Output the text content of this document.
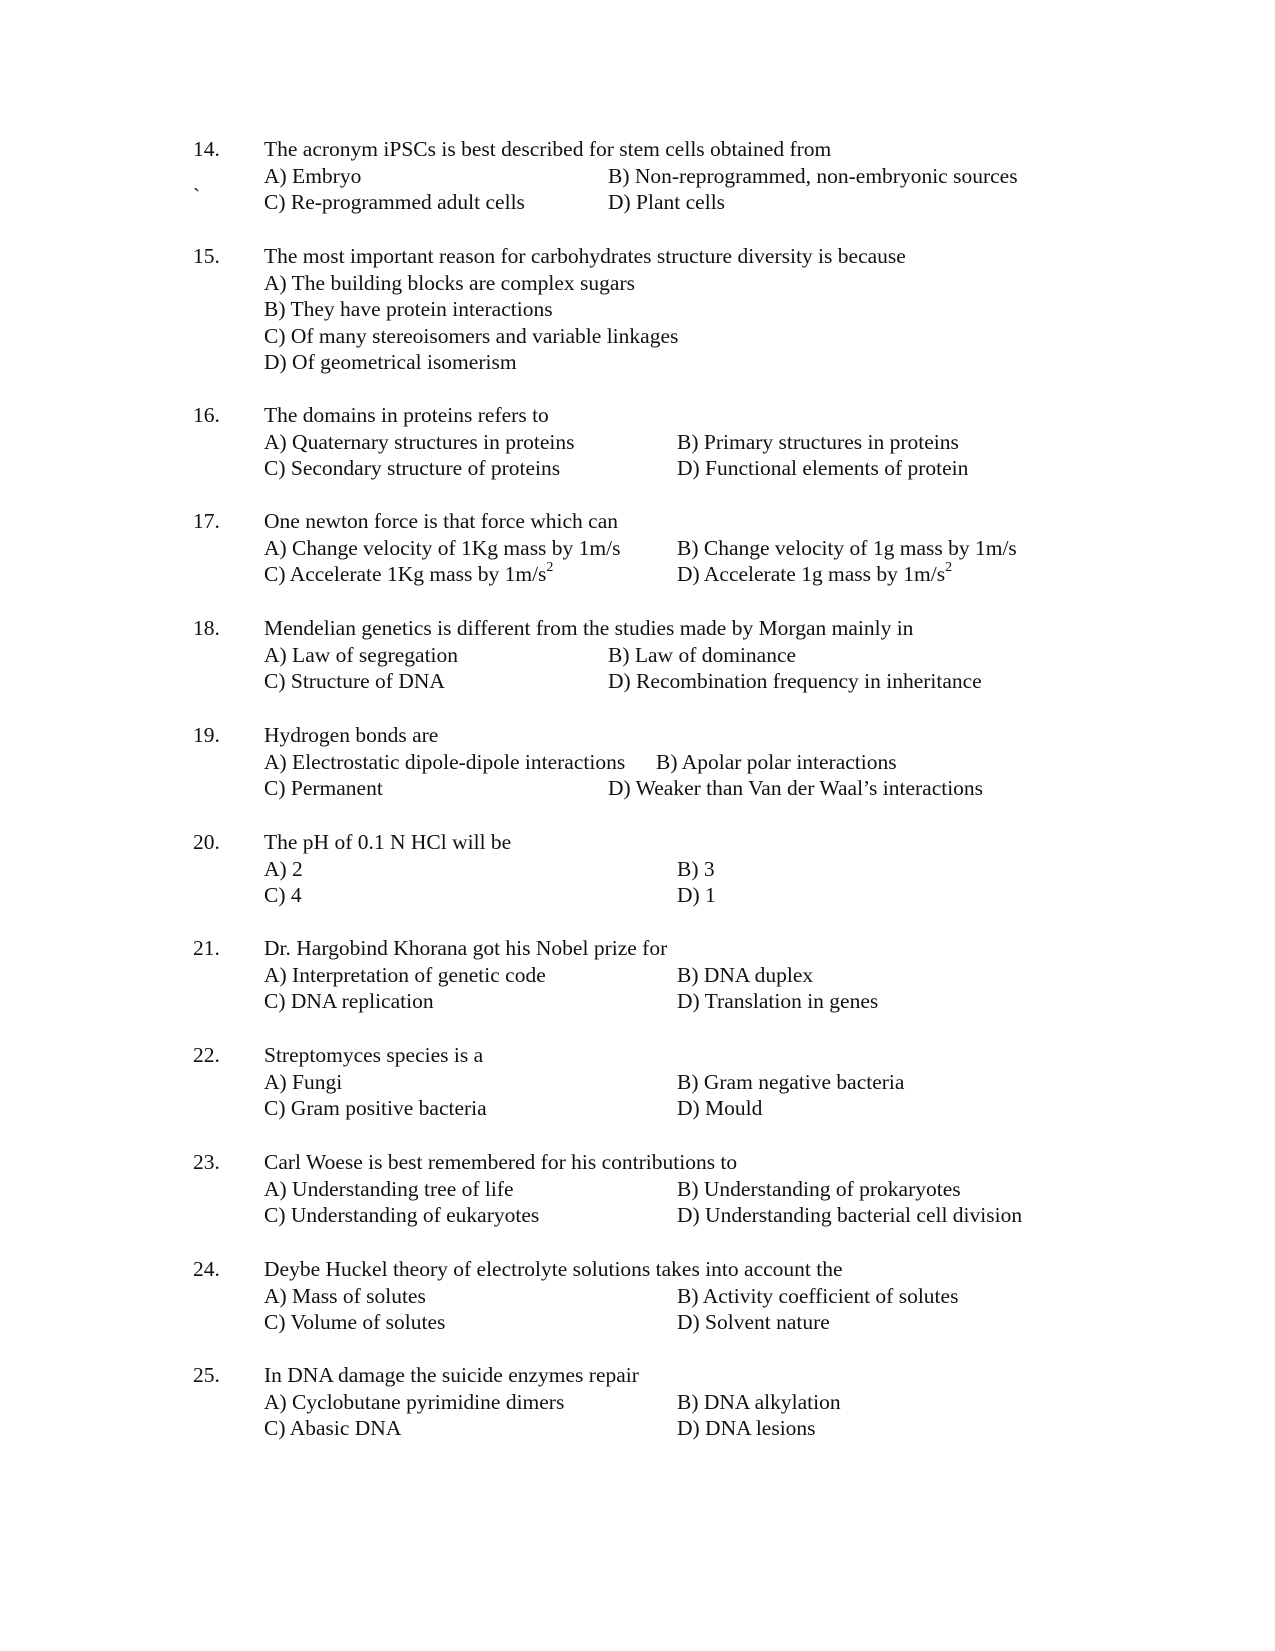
14. The acronym iPSCs is best described for stem cells obtained from
A) Embryo	B) Non-reprogrammed, non-embryonic sources
`	C) Re-programmed adult cells	D) Plant cells
15. The most important reason for carbohydrates structure diversity is because
A) The building blocks are complex sugars
B) They have protein interactions
C) Of many stereoisomers and variable linkages
D) Of geometrical isomerism
16. The domains in proteins refers to
A) Quaternary structures in proteins	B) Primary structures in proteins
C) Secondary structure of proteins	D) Functional elements of protein
17. One newton force is that force which can
A) Change velocity of 1Kg mass by 1m/s	B) Change velocity of 1g mass by 1m/s
C) Accelerate 1Kg mass by $1m/s^2$	D) Accelerate 1g mass by $1m/s^2$
18. Mendelian genetics is different from the studies made by Morgan mainly in
A) Law of segregation	B) Law of dominance
C) Structure of DNA	D) Recombination frequency in inheritance
19. Hydrogen bonds are
A) Electrostatic dipole-dipole interactions B) Apolar polar interactions
C) Permanent	D) Weaker than Van der Waal’s interactions
20. The pH of 0.1 N HCl will be
A) 2	B) 3
C) 4	D) 1
21. Dr. Hargobind Khorana got his Nobel prize for
A) Interpretation of genetic code	B) DNA duplex
C) DNA replication	D) Translation in genes
22. Streptomyces species is a
A) Fungi	B) Gram negative bacteria
C) Gram positive bacteria	D) Mould
23. Carl Woese is best remembered for his contributions to
A) Understanding tree of life	B) Understanding of prokaryotes
C) Understanding of eukaryotes	D) Understanding bacterial cell division
24. Deybe Huckel theory of electrolyte solutions takes into account the
A) Mass of solutes	B) Activity coefficient of solutes
C) Volume of solutes	D) Solvent nature
25. In DNA damage the suicide enzymes repair
A) Cyclobutane pyrimidine dimers	B) DNA alkylation
C) Abasic DNA	D) DNA lesions
